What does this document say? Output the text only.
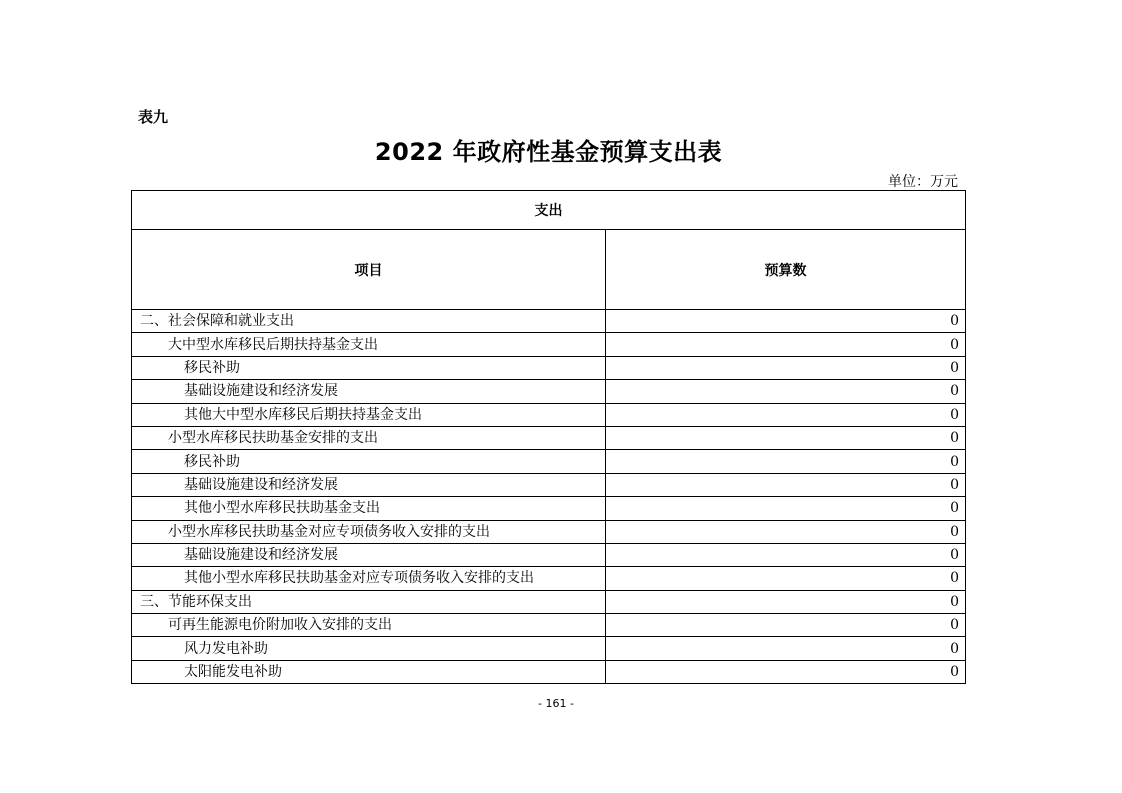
表九
2022 年政府性基金预算支出表
单位：万元
支出	
项目	预算数
二、社会保障和就业支出	0
大中型水库移民后期扶持基金支出	0
移民补助	0
基础设施建设和经济发展	0
其他大中型水库移民后期扶持基金支出	0
小型水库移民扶助基金安排的支出	0
移民补助	0
基础设施建设和经济发展	0
其他小型水库移民扶助基金支出	0
小型水库移民扶助基金对应专项债务收入安排的支出	0
基础设施建设和经济发展	0
其他小型水库移民扶助基金对应专项债务收入安排的支出	0
三、节能环保支出	0
可再生能源电价附加收入安排的支出	0
风力发电补助	0
太阳能发电补助	0
- 161 -
